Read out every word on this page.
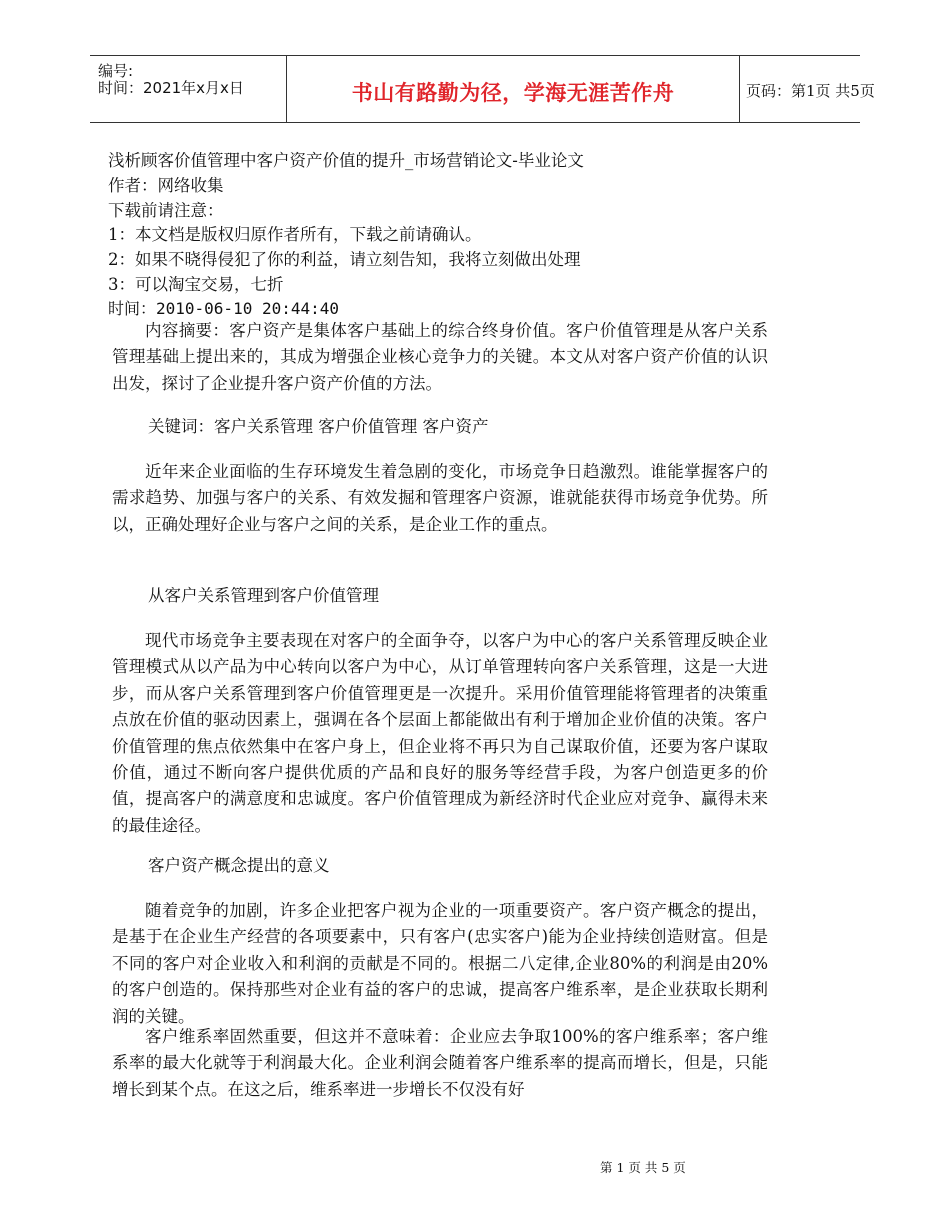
编号:
时间：2021年x月x日	书山有路勤为径，学海无涯苦作舟	页码：第1页 共5页
浅析顾客价值管理中客户资产价值的提升_市场营销论文-毕业论文
作者：网络收集
下载前请注意：
1：本文档是版权归原作者所有，下载之前请确认。
2：如果不晓得侵犯了你的利益，请立刻告知，我将立刻做出处理
3：可以淘宝交易，七折
时间：2010-06-10 20:44:40

内容摘要：客户资产是集体客户基础上的综合终身价值。客户价值管理是从客户关系管理基础上提出来的，其成为增强企业核心竞争力的关键。本文从对客户资产价值的认识出发，探讨了企业提升客户资产价值的方法。

关键词：客户关系管理 客户价值管理 客户资产

近年来企业面临的生存环境发生着急剧的变化，市场竞争日趋激烈。谁能掌握客户的需求趋势、加强与客户的关系、有效发掘和管理客户资源，谁就能获得市场竞争优势。所以，正确处理好企业与客户之间的关系，是企业工作的重点。

从客户关系管理到客户价值管理

现代市场竞争主要表现在对客户的全面争夺，以客户为中心的客户关系管理反映企业管理模式从以产品为中心转向以客户为中心，从订单管理转向客户关系管理，这是一大进步，而从客户关系管理到客户价值管理更是一次提升。采用价值管理能将管理者的决策重点放在价值的驱动因素上，强调在各个层面上都能做出有利于增加企业价值的决策。客户价值管理的焦点依然集中在客户身上，但企业将不再只为自己谋取价值，还要为客户谋取价值，通过不断向客户提供优质的产品和良好的服务等经营手段，为客户创造更多的价值，提高客户的满意度和忠诚度。客户价值管理成为新经济时代企业应对竞争、赢得未来的最佳途径。

客户资产概念提出的意义

随着竞争的加剧，许多企业把客户视为企业的一项重要资产。客户资产概念的提出，是基于在企业生产经营的各项要素中，只有客户(忠实客户)能为企业持续创造财富。但是不同的客户对企业收入和利润的贡献是不同的。根据二八定律,企业80%的利润是由20%的客户创造的。保持那些对企业有益的客户的忠诚，提高客户维系率，是企业获取长期利润的关键。

客户维系率固然重要，但这并不意味着：企业应去争取100%的客户维系率；客户维系率的最大化就等于利润最大化。企业利润会随着客户维系率的提高而增长，但是，只能增长到某个点。在这之后，维系率进一步增长不仅没有好

第 1 页 共 5 页
